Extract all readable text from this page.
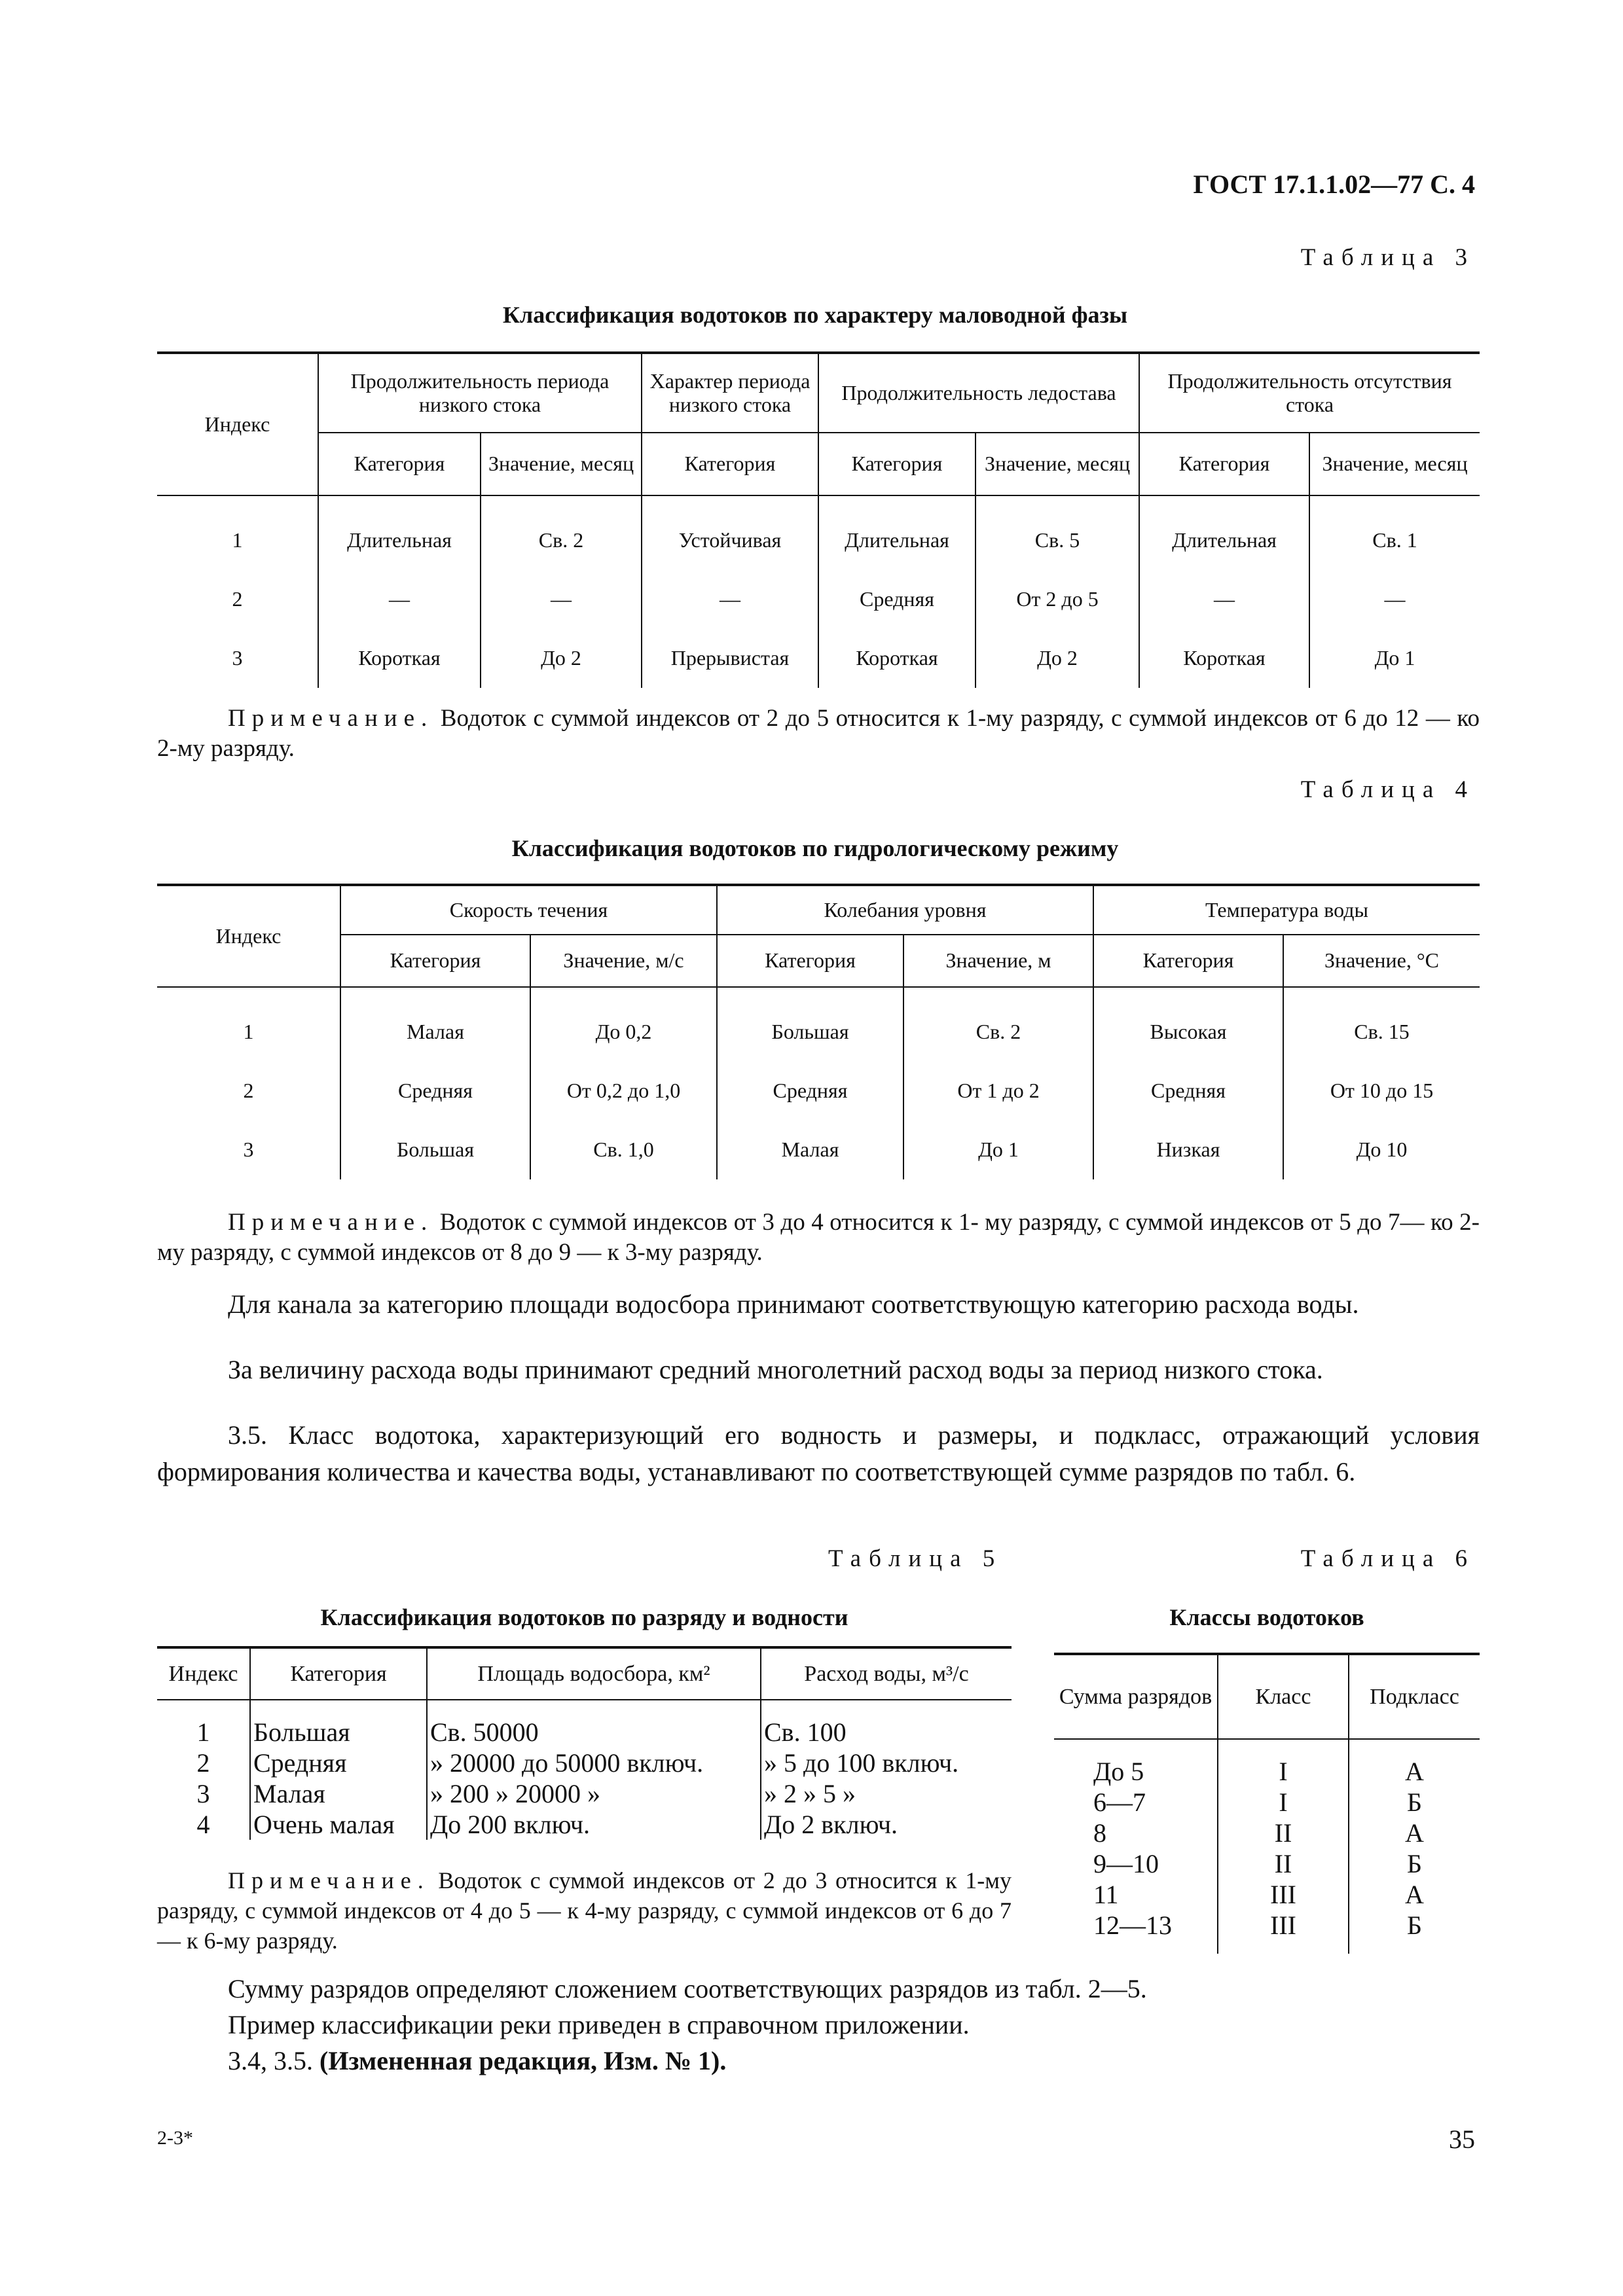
ГОСТ 17.1.1.02—77 С. 4
Таблица 3
Классификация водотоков по характеру маловодной фазы
Индекс	Продолжительность периода низкого стока		Характер периода низкого стока	Продолжительность ледостава		Продолжительность отсутствия стока	
	Категория	Значение, месяц	Категория	Категория	Значение, месяц	Категория	Значение, месяц

1	Длительная	Св. 2	Устойчивая	Длительная	Св. 5	Длительная	Св. 1
2	—	—	—	Средняя	От 2 до 5	—	—
3	Короткая	До 2	Прерывистая	Короткая	До 2	Короткая	До 1
Примечание. Водоток с суммой индексов от 2 до 5 относится к 1-му разряду, с суммой индексов от 6 до 12 — ко 2-му разряду.
Таблица 4
Классификация водотоков по гидрологическому режиму
Индекс	Скорость течения		Колебания уровня		Температура воды	
	Категория	Значение, м/с	Категория	Значение, м	Категория	Значение, °С

1	Малая	До 0,2	Большая	Св. 2	Высокая	Св. 15
2	Средняя	От 0,2 до 1,0	Средняя	От 1 до 2	Средняя	От 10 до 15
3	Большая	Св. 1,0	Малая	До 1	Низкая	До 10
Примечание. Водоток с суммой индексов от 3 до 4 относится к 1- му разряду, с суммой индексов от 5 до 7— ко 2-му разряду, с суммой индексов от 8 до 9 — к 3-му разряду.
Для канала за категорию площади водосбора принимают соответствующую категорию расхода воды.
За величину расхода воды принимают средний многолетний расход воды за период низкого стока.
3.5. Класс водотока, характеризующий его водность и размеры, и подкласс, отражающий условия формирования количества и качества воды, устанавливают по соответствующей сумме разрядов по табл. 6.
Таблица 5
Классификация водотоков по разряду и водности
Индекс	Категория	Площадь водосбора, км²	Расход воды, м³/с

1	Большая	Св. 50000	Св. 100
2	Средняя	» 20000 до 50000 включ.	» 5 до 100 включ.
3	Малая	» 200 » 20000 »	» 2 » 5 »
4	Очень малая	До 200 включ.	До 2 включ.
Примечание. Водоток с суммой индексов от 2 до 3 относится к 1-му разряду, с суммой индексов от 4 до 5 — к 4-му разряду, с суммой индексов от 6 до 7 — к 6-му разряду.
Таблица 6
Классы водотоков
Сумма разрядов	Класс	Подкласс

До 5	I	А
6—7	I	Б
8	II	А
9—10	II	Б
11	III	А
12—13	III	Б

Сумму разрядов определяют сложением соответствующих разрядов из табл. 2—5.
Пример классификации реки приведен в справочном приложении.
3.4, 3.5. (Измененная редакция, Изм. № 1).
2-3*	35
